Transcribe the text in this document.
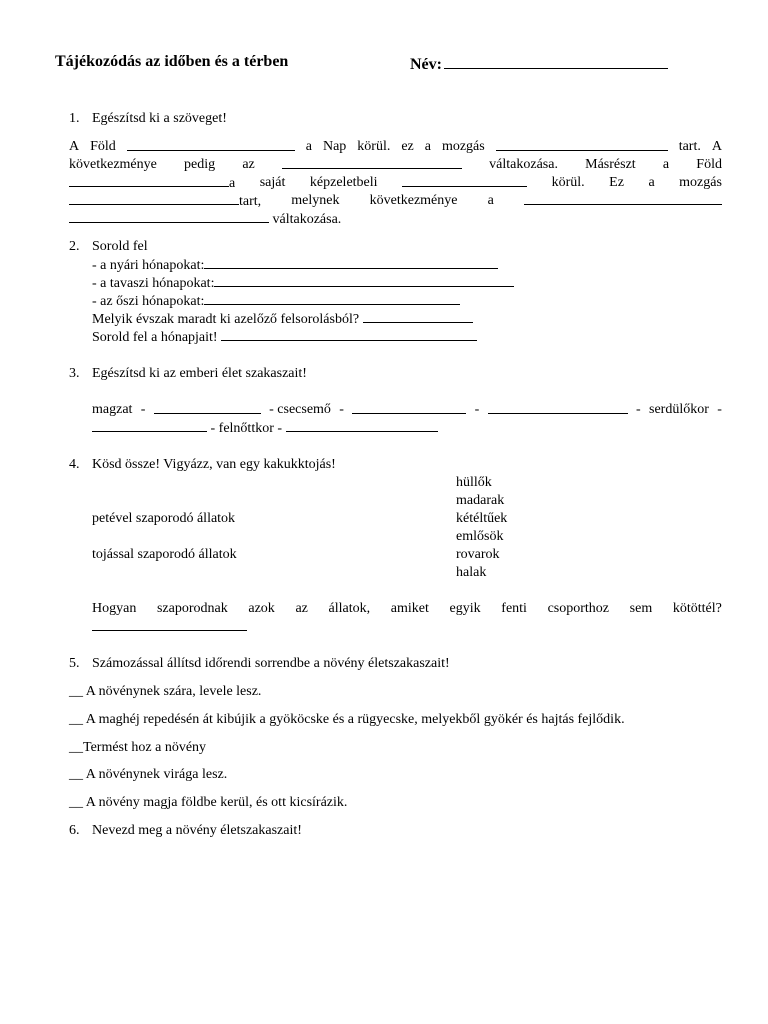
Tájékozódás az időben és a térben	Név:
1. Egészítsd ki a szöveget!
A Föld	a Nap körül. ez a mozgás	tart. A
következménye pedig az	váltakozása. Másrészt a Föld
a saját képzeletbeli	körül. Ez a mozgás
tart, melynek következménye a
váltakozása.
2. Sorold fel
- a nyári hónapokat:
- a tavaszi hónapokat:
- az őszi hónapokat:
Melyik évszak maradt ki azelőző felsorolásból?
Sorold fel a hónapjait!
3. Egészítsd ki az emberi élet szakaszait!
magzat -	- csecsemő -	-	- serdülőkor -
- felnőttkor -
4. Kösd össze! Vigyázz, van egy kakukktojás!
petével szaporodó állatok
tojással szaporodó állatok
hüllők
madarak
kétéltűek
emlősök
rovarok
halak
Hogyan szaporodnak azok az állatok, amiket egyik fenti csoporthoz sem kötöttél?
5. Számozással állítsd időrendi sorrendbe a növény életszakaszait!
__ A növénynek szára, levele lesz.
__ A maghéj repedésén át kibújik a gyököcske és a rügyecske, melyekből gyökér és hajtás fejlődik.
__Termést hoz a növény
__ A növénynek virága lesz.
__ A növény magja földbe kerül, és ott kicsírázik.
6. Nevezd meg a növény életszakaszait!
